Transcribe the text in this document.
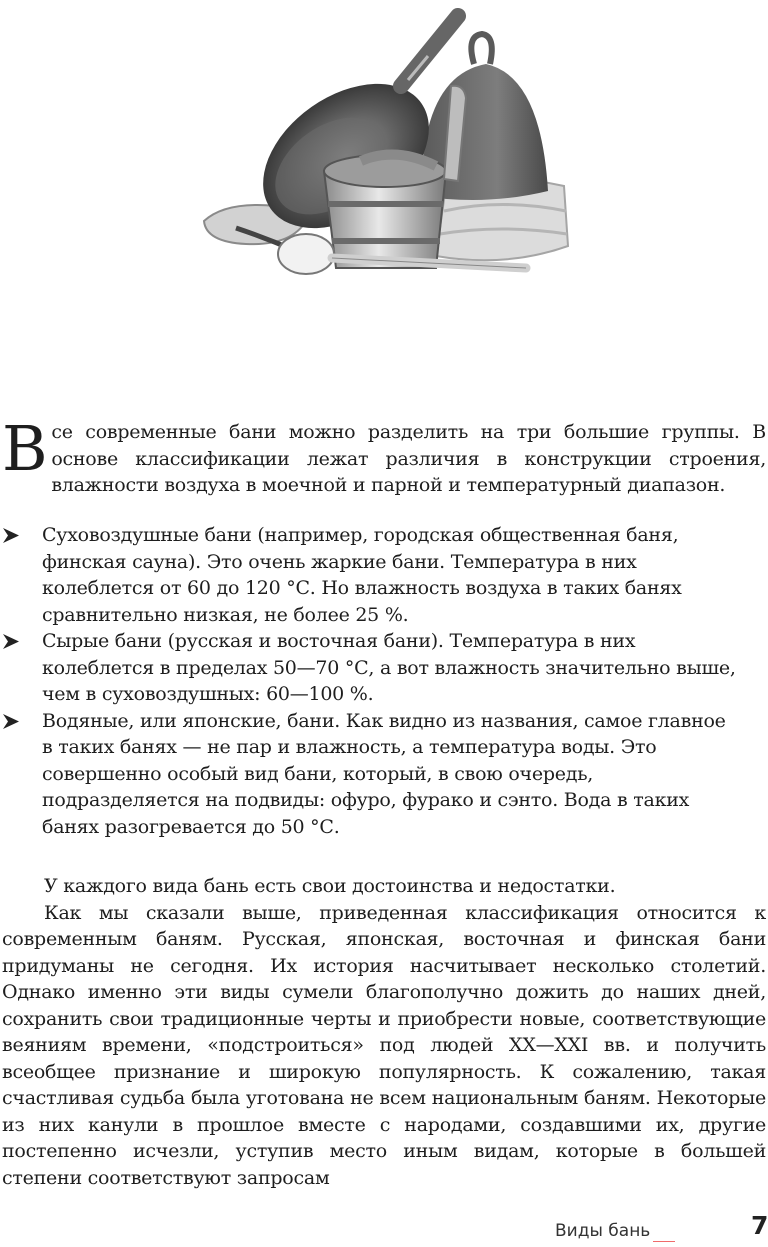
В се современные бани можно разделить на три большие группы. В основе классификации лежат различия в конструкции строения, влажности воздуха в моечной и парной и температурный диапазон.

Суховоздушные бани (например, городская общественная баня, финская сауна). Это очень жаркие бани. Температура в них колеблется от 60 до 120 °С. Но влажность воздуха в таких банях сравнительно низкая, не более 25 %.
Сырые бани (русская и восточная бани). Температура в них колеблется в пределах 50—70 °С, а вот влажность значительно выше, чем в суховоздушных: 60—100 %.
Водяные, или японские, бани. Как видно из названия, самое главное в таких банях — не пар и влажность, а температура воды. Это совершенно особый вид бани, который, в свою очередь, подразделяется на подвиды: офуро, фурако и сэнто. Вода в таких банях разогревается до 50 °С.

У каждого вида бань есть свои достоинства и недостатки.

Как мы сказали выше, приведенная классификация относится к современным баням. Русская, японская, восточная и финская бани придуманы не сегодня. Их история насчитывает несколько столетий. Однако именно эти виды сумели благополучно дожить до наших дней, сохранить свои традиционные черты и приобрести новые, соответствующие веяниям времени, «подстроиться» под людей XX—XXI вв. и получить всеобщее признание и широкую популярность. К сожалению, такая счастливая судьба была уготована не всем национальным баням. Некоторые из них канули в прошлое вместе с народами, создавшими их, другие постепенно исчезли, уступив место иным видам, которые в большей степени соответствуют запросам

Виды бань	7
